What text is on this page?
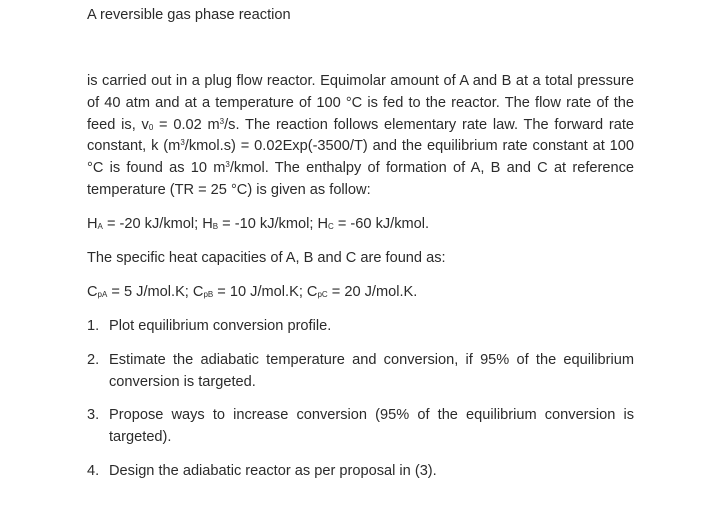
A reversible gas phase reaction
is carried out in a plug flow reactor. Equimolar amount of A and B at a total pressure of 40 atm and at a temperature of 100 °C is fed to the reactor. The flow rate of the feed is, $v_0 = 0.02$ $m^3/s$. The reaction follows elementary rate law. The forward rate constant, k $(m^3/kmol.s) = 0.02Exp(-3500/T)$ and the equilibrium rate constant at 100 °C is found as 10 $m^3$/kmol. The enthalpy of formation of A, B and C at reference temperature (TR = 25 °C) is given as follow:
$H_A = -20$ kJ/kmol; $H_B = -10$ kJ/kmol; $H_C = -60$ kJ/kmol.
The specific heat capacities of A, B and C are found as:
$C_{pA} = 5$ J/mol.K; $C_{pB} = 10$ J/mol.K; $C_{pC} = 20$ J/mol.K.
1. Plot equilibrium conversion profile.
2. Estimate the adiabatic temperature and conversion, if 95% of the equilibrium conversion is targeted.
3. Propose ways to increase conversion (95% of the equilibrium conversion is targeted).
4. Design the adiabatic reactor as per proposal in (3).
